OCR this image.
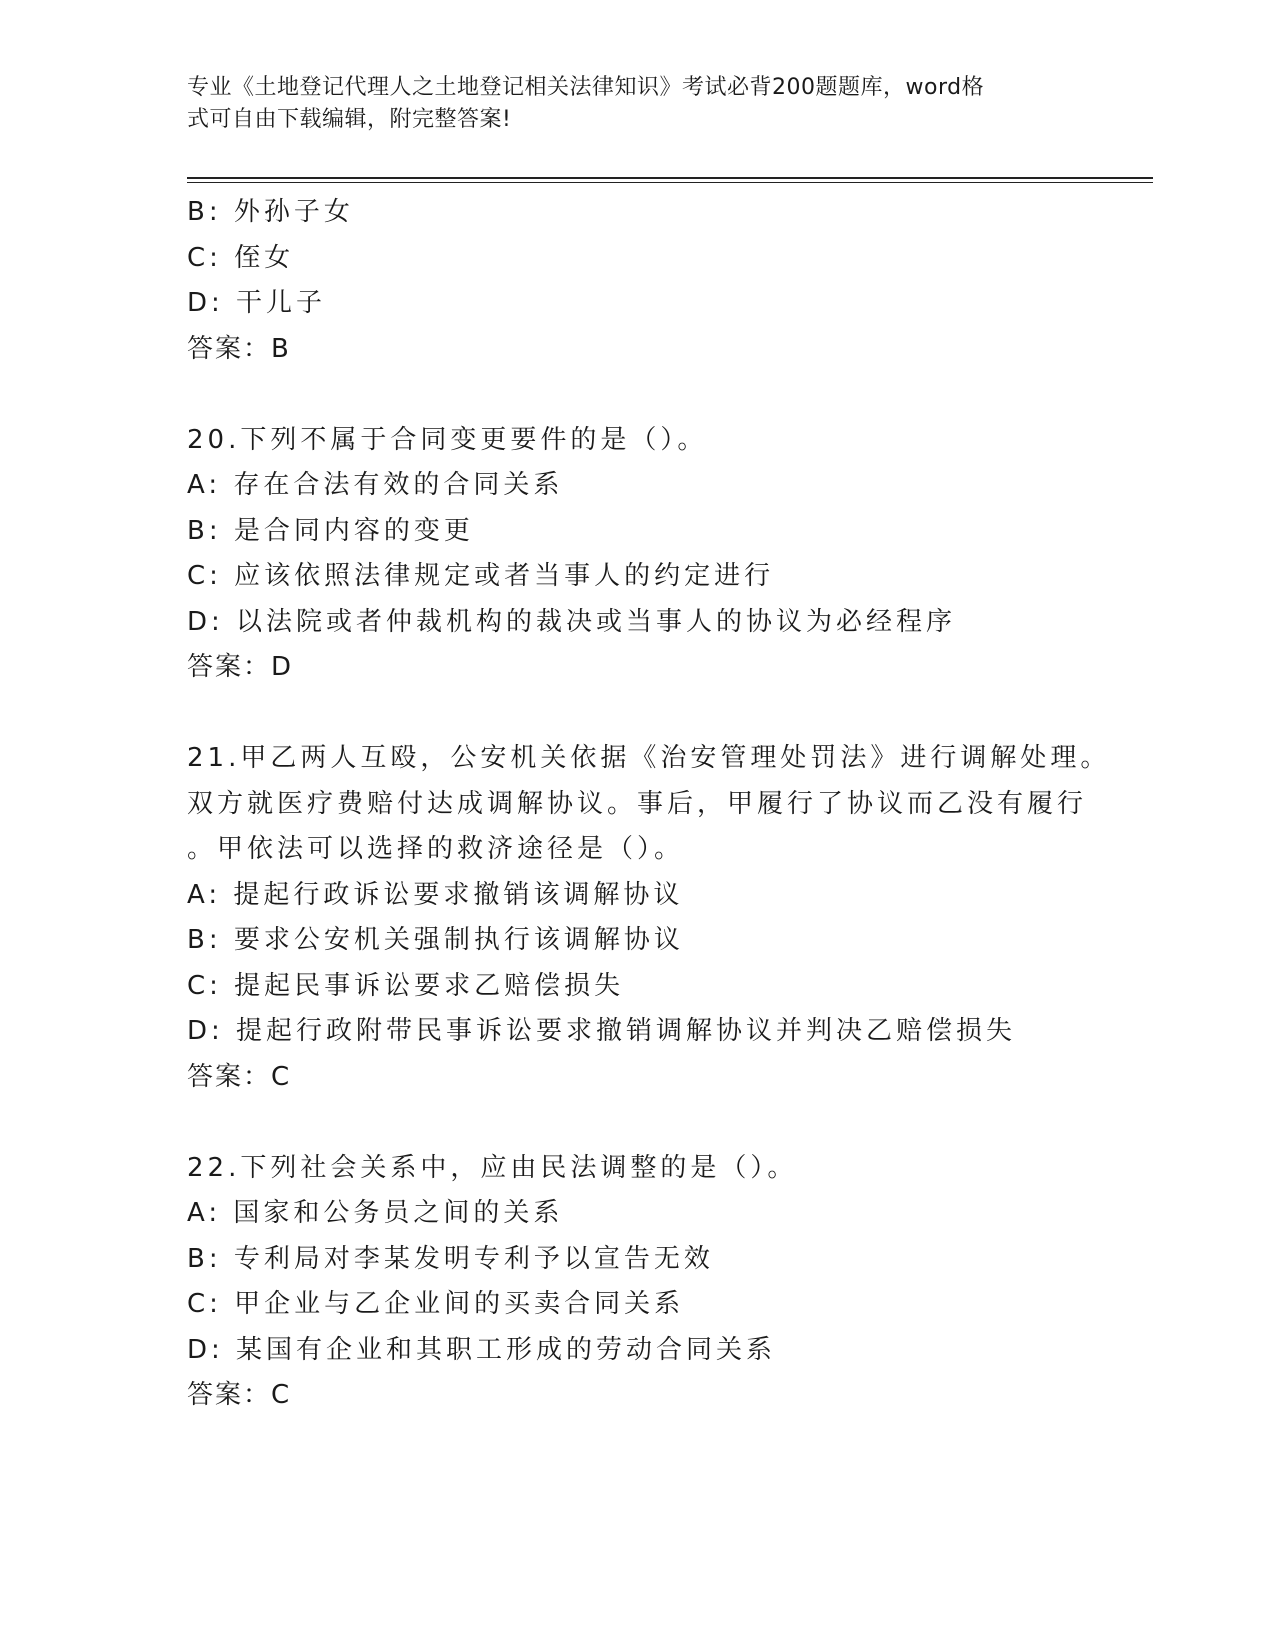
专业《土地登记代理人之土地登记相关法律知识》考试必背200题题库，word格
式可自由下载编辑，附完整答案!
B: 外孙子女
C: 侄女
D: 干儿子
答案：B
20.下列不属于合同变更要件的是（）。
A: 存在合法有效的合同关系
B: 是合同内容的变更
C: 应该依照法律规定或者当事人的约定进行
D: 以法院或者仲裁机构的裁决或当事人的协议为必经程序
答案：D
21.甲乙两人互殴，公安机关依据《治安管理处罚法》进行调解处理。
双方就医疗费赔付达成调解协议。事后，甲履行了协议而乙没有履行
。甲依法可以选择的救济途径是（）。
A: 提起行政诉讼要求撤销该调解协议
B: 要求公安机关强制执行该调解协议
C: 提起民事诉讼要求乙赔偿损失
D: 提起行政附带民事诉讼要求撤销调解协议并判决乙赔偿损失
答案：C
22.下列社会关系中，应由民法调整的是（）。
A: 国家和公务员之间的关系
B: 专利局对李某发明专利予以宣告无效
C: 甲企业与乙企业间的买卖合同关系
D: 某国有企业和其职工形成的劳动合同关系
答案：C
